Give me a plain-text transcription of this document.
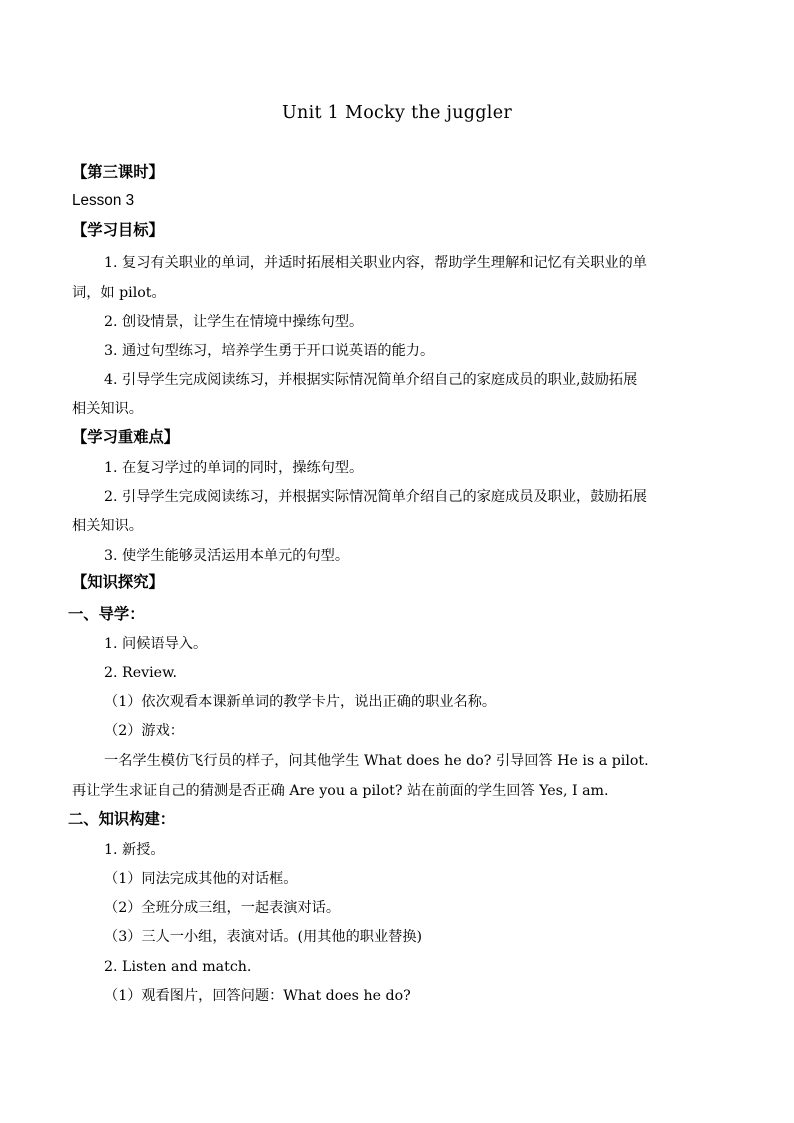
Unit 1 Mocky the juggler
【第三课时】
Lesson 3
【学习目标】
1. 复习有关职业的单词，并适时拓展相关职业内容，帮助学生理解和记忆有关职业的单
词，如 pilot。
2. 创设情景，让学生在情境中操练句型。
3. 通过句型练习，培养学生勇于开口说英语的能力。
4. 引导学生完成阅读练习，并根据实际情况简单介绍自己的家庭成员的职业,鼓励拓展
相关知识。
【学习重难点】
1. 在复习学过的单词的同时，操练句型。
2. 引导学生完成阅读练习，并根据实际情况简单介绍自己的家庭成员及职业，鼓励拓展
相关知识。
3. 使学生能够灵活运用本单元的句型。
【知识探究】
一、导学：
1. 问候语导入。
2. Review.
（1）依次观看本课新单词的教学卡片，说出正确的职业名称。
（2）游戏：
一名学生模仿飞行员的样子，问其他学生 What does he do? 引导回答 He is a pilot.
再让学生求证自己的猜测是否正确 Are you a pilot? 站在前面的学生回答 Yes, I am.
二、知识构建：
1. 新授。
（1）同法完成其他的对话框。
（2）全班分成三组，一起表演对话。
（3）三人一小组，表演对话。(用其他的职业替换)
2. Listen and match.
（1）观看图片，回答问题：What does he do?
